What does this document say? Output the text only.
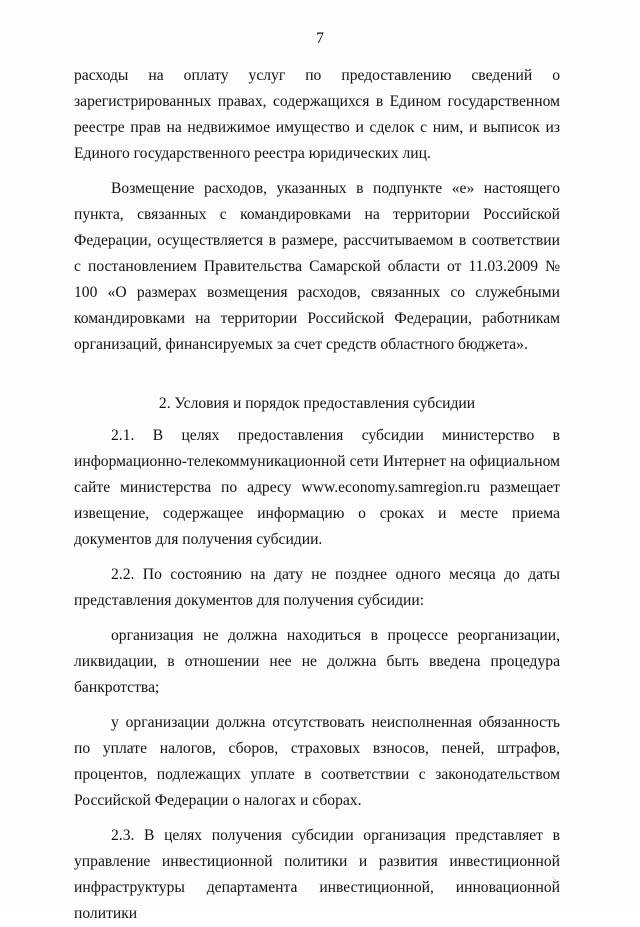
7

расходы на оплату услуг по предоставлению сведений о зарегистрированных правах, содержащихся в Едином государственном реестре прав на недвижимое имущество и сделок с ним, и выписок из Единого государственного реестра юридических лиц.

Возмещение расходов, указанных в подпункте «е» настоящего пункта, связанных с командировками на территории Российской Федерации, осуществляется в размере, рассчитываемом в соответствии с постановлением Правительства Самарской области от 11.03.2009 № 100 «О размерах возмещения расходов, связанных со служебными командировками на территории Российской Федерации, работникам организаций, финансируемых за счет средств областного бюджета».

2. Условия и порядок предоставления субсидии

2.1. В целях предоставления субсидии министерство в информационно-телекоммуникационной сети Интернет на официальном сайте министерства по адресу www.economy.samregion.ru размещает извещение, содержащее информацию о сроках и месте приема документов для получения субсидии.

2.2. По состоянию на дату не позднее одного месяца до даты представления документов для получения субсидии:

организация не должна находиться в процессе реорганизации, ликвидации, в отношении нее не должна быть введена процедура банкротства;

у организации должна отсутствовать неисполненная обязанность по уплате налогов, сборов, страховых взносов, пеней, штрафов, процентов, подлежащих уплате в соответствии с законодательством Российской Федерации о налогах и сборах.

2.3. В целях получения субсидии организация представляет в управление инвестиционной политики и развития инвестиционной инфраструктуры департамента инвестиционной, инновационной политики
